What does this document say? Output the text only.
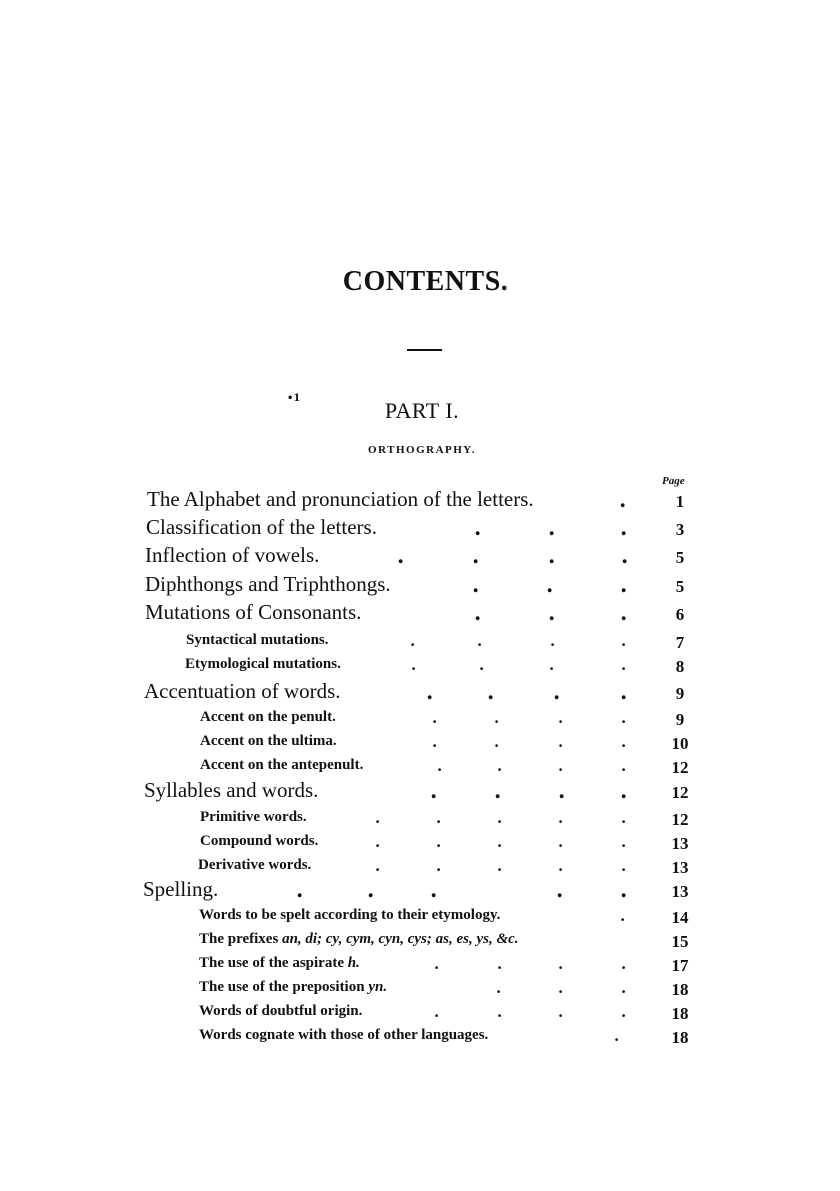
CONTENTS.
•1	PART I.
ORTHOGRAPHY.
Page
The Alphabet and pronunciation of the letters.	.	1
Classification of the letters.	.	.	.	3
Inflection of vowels.	.	.	.	.	5
Diphthongs and Triphthongs.	.	.	.	5
Mutations of Consonants.	.	.	.	6
Syntactical mutations.	.	.	.	.	7
Etymological mutations.	.	.	.	.	8
Accentuation of words.	.	.	.	.	9
Accent on the penult.	.	.	.	.	9
Accent on the ultima.	.	.	.	.	10
Accent on the antepenult.	.	.	.	.	12
Syllables and words.	.	.	.	.	12
Primitive words.	.	.	.	.	.	12
Compound words.	.	.	.	.	.	13
Derivative words.	.	.	.	.	.	13
Spelling.	.	.	.	.	.	13
Words to be spelt according to their etymology.	.	14
The prefixes an, di; cy, cym, cyn, cys; as, es, ys, &c.	15
The use of the aspirate h.	.	.	.	.	17
The use of the preposition yn.	.	.	.	18
Words of doubtful origin.	.	.	.	.	18
Words cognate with those of other languages.	.	18
